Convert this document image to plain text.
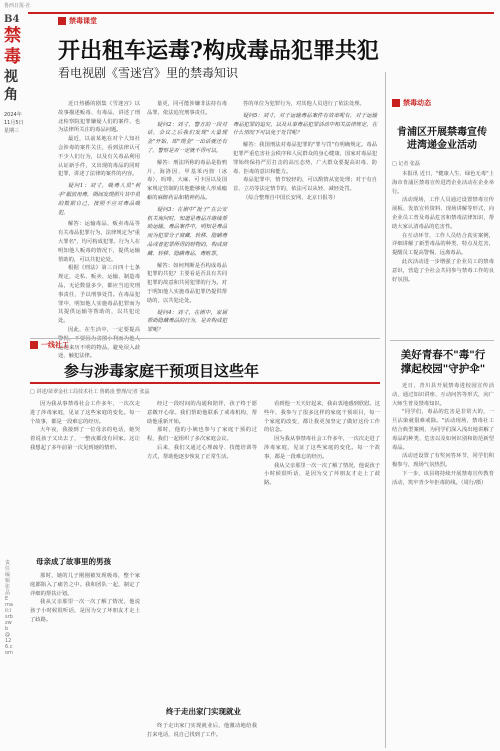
鲁西日报·社
B4
禁
毒
视
角
2024年
11月5日
星期三
责任编辑 张晶 Email:lsrbzwb@126.com
禁毒课堂
开出租车运毒?构成毒品犯罪共犯
看电视剧《雪迷宫》里的禁毒知识

近日热播的剧集《雪迷宫》以故事描述贩毒、有毒品，讲述了刑北检察院犯罪嫌疑人们的案件，也为法律所关注的毒品问题。

最近，以前某地在对个人知社会涉毒的案件关注，看到法律认可不少人们行为，以及有关毒品利用认证新手件，又出现的毒品的同时犯罪，讲述了法律的案件的内容。

疑问1：刘寸，吸毒人员"利手"服放用毒，期间发现照片其中员的数据自己，按照不应对毒品吸犯。

解答：运输毒品、贩卖毒品等有关毒品犯罪行为，法律规定为"重大罪名"，均可构成犯罪。行为人在明知他人贩毒的情况下，提供运输帮助的，可以共犯论处。

根据《刑法》第三百四十七条规定，走私、贩卖、运输、制造毒品，无论数量多少，都应当追究刑事责任，予以刑事处罚。在毒品犯罪中，明知他人实施毒品犯罪而为其提供运输等帮助的，以共犯论处。

因此，在生活中，一定要提高 运送来历不明的物品，避免误入歧途，触犯法律。

量更，同可能涉嫌非法持有毒品罪，依法追究刑事责任。

疑问2：刘寸，警方的一段对话，会议之后我们发现"大量现金"开始，即"现金"一出话就还有了，警察是否一定就不得可以。

解答：刑法所称的毒品是指鸦片、海洛因、甲基苯丙胺（冰毒）、吗啡、大麻、可卡因以及国家规定管制的其他能够使人形成瘾癖的麻醉药品和精神药品。

疑问3：在剧中“批子”在公安机关询问时，知道是毒品并继续帮助运输。毒品案件中，明知是毒品而为犯罪分子窝藏、转移、隐瞒毒品或者犯罪所得的财物的，构成窝藏、转移、隐瞒毒品、毒赃罪。

解答：如何判断是否构成毒品犯罪的共犯？主要看是否具有共同犯罪的故意和共同犯罪的行为。对于明知他人实施毒品犯罪仍提供帮助的，以共犯论处。

疑问4：刘寸，在剧中，家属帮助隐藏毒品的行为，是否构成犯罪呢？

答的单位为犯罪行为，对其他人员进行了依法处理。

疑问5：刘寸，对于运输毒品案件有效率呢有，对于运输毒品犯罪的追究，以及从事毒品犯罪活动中相关法律规定，在什么情况下可以免于处罚呢？

解答：我国刑法对毒品犯罪的"罪与罚"有明确规定。毒品犯罪严重危害社会秩序和人民群众的身心健康，国家对毒品犯罪始终保持严厉打击的高压态势，广大群众要提高识毒、防毒、拒毒的意识和能力。

毒品犯罪中，情节较轻的，可以酌情从宽处理；对于有自首、立功等法定情节的，依法可以从轻、减轻处罚。

（综合整理自中国长安网、北京日报等）

禁毒动态
肯浦区开展禁毒宣传
进湾递金业活动
□ 记者 张磊

本报讯 近日，"健康人生、绿色无毒"上海市肯浦区禁毒宣传进湾企业活动在企业举行。

活动现场，工作人员通过设置禁毒宣传展板、发放宣传资料、现场讲解等形式，向企业员工普及毒品危害和禁毒法律知识，帮助大家认清毒品的危害性。

在互动环节，工作人员结合真实案例，详细讲解了新型毒品的种类、特点及危害，提醒员工提高警惕，远离毒品。

此次活动进一步增强了企业员工的禁毒意识，营造了全社会共同参与禁毒工作的良好氛围。

美好青春不"毒"行
撑起校园"守护伞"

近日，青川县开展禁毒进校园宣传活动，通过知识讲座、互动问答等形式，向广大师生普及禁毒知识。

"同学们，毒品的危害是非常大的，一旦沾染就很难戒除。"活动现场，禁毒社工结合典型案例，为同学们深入浅出地讲解了毒品的种类、危害以及如何识别和防范新型毒品。

活动还设置了有奖问答环节，同学们积极参与，现场气氛热烈。

下一步，该县将持续开展禁毒宣传教育活动，筑牢青少年拒毒防线。（周行/摄）

一线社工
参与涉毒家庭干预项目这些年
□ 讲述/苗翠金社工局技术社工 鲁鹤凌 整理/记者 张晶

因为我从事禁毒社会工作多年，一次次走进了涉毒家庭，见证了这些家庭的变化。每一个故事，都是一段难忘的经历。

大年夜，我接到了一位母亲的电话，她哭着说孩子又出去了，一整夜都没有回家。这让我想起了多年前第一次见到她的情形。

母亲成了故事里的男孩

那时，她的儿子刚刚被发现吸毒，整个家庭都陷入了痛苦之中。我和团队一起，制定了详细的帮扶计划。

我从父亲那里一次一次了解了情况，他说孩子小时候很听话，是因为交了坏朋友才走上了歧路。

经过一段时间的沟通和陪伴，孩子终于愿意敞开心扉。我们帮助他联系了戒毒机构，帮助他重新开始。

那时，他的小姨也参与了家庭干预的过程，我们一起组织了多次家庭会议。

后来，我们又通过心理疏导、技能培训等方式，帮助他逐步恢复了正常生活。

终于走出家门实现就业

终于走出家门实现就业后，他激动地给我打来电话，说自己找到了工作。

看到他一天天好起来，我由衷地感到欣慰。这些年，我参与了很多这样的家庭干预项目，每一个家庭的改变，都让我更加坚定了做好这份工作的信念。

因为我从事禁毒社会工作多年，一次次走进了涉毒家庭，见证了这些家庭的变化。每一个故事，都是一段难忘的经历。

我从父亲那里一次一次了解了情况，他说孩子小时候很听话，是因为交了坏朋友才走上了歧路。
